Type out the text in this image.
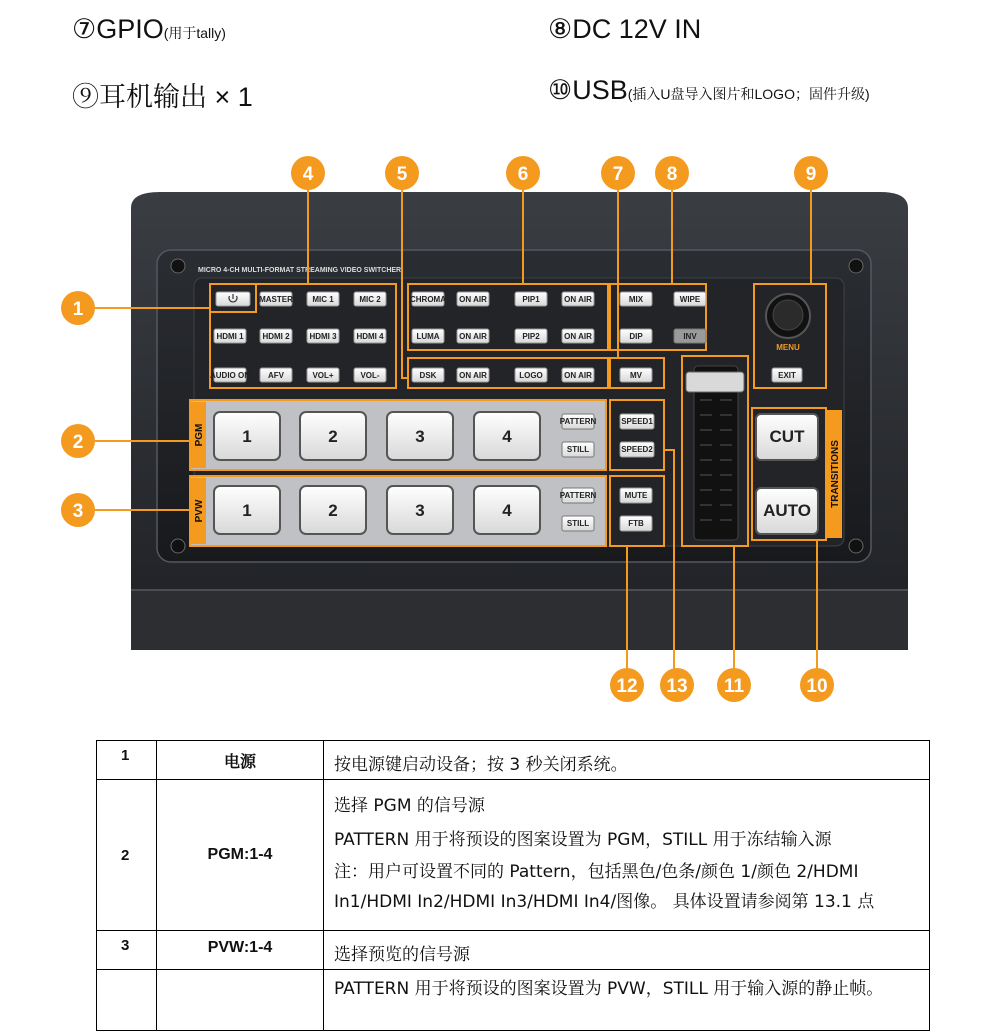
⑦GPIO(用于tally)	⑧DC 12V IN
⑨耳机输出 × 1	⑩USB(插入U盘导入图片和LOGO；固件升级)
MICRO 4-CH MULTI-FORMAT STREAMING VIDEO SWITCHER
MASTER MIC 1	MIC 2
HDMI 1 HDMI 2 HDMI 3 HDMI 4
AUDIO ON AFV	VOL+	VOL-
CHROMA ON AIR	PIP1	ON AIR
LUMA ON AIR	PIP2	ON AIR
DSK	ON AIR	LOGO	ON AIR
MIX	WIPE
DIP	INV
MV
MENU
EXIT
PGM 1	2	3	4
PATTERN
STILL
PVW 1	2	3	4
PATTERN
STILL
SPEED1
SPEED2
MUTE
FTB
TRANSITIONS
CUT
AUTO
1
2
3
4	5	6	7 8	9
10
11
12 13
1	电源	按电源键启动设备；按 3 秒关闭系统。

2	PGM:1-4	选择 PGM 的信号源
PATTERN 用于将预设的图案设置为 PGM，STILL 用于冻结输入源
注：用户可设置不同的 Pattern，包括黑色/色条/颜色 1/颜色 2/HDMI In1/HDMI In2/HDMI In3/HDMI In4/图像。 具体设置请参阅第 13.1 点

3	PVW:1-4	选择预览的信号源

		PATTERN 用于将预设的图案设置为 PVW，STILL 用于输入源的静止帧。
